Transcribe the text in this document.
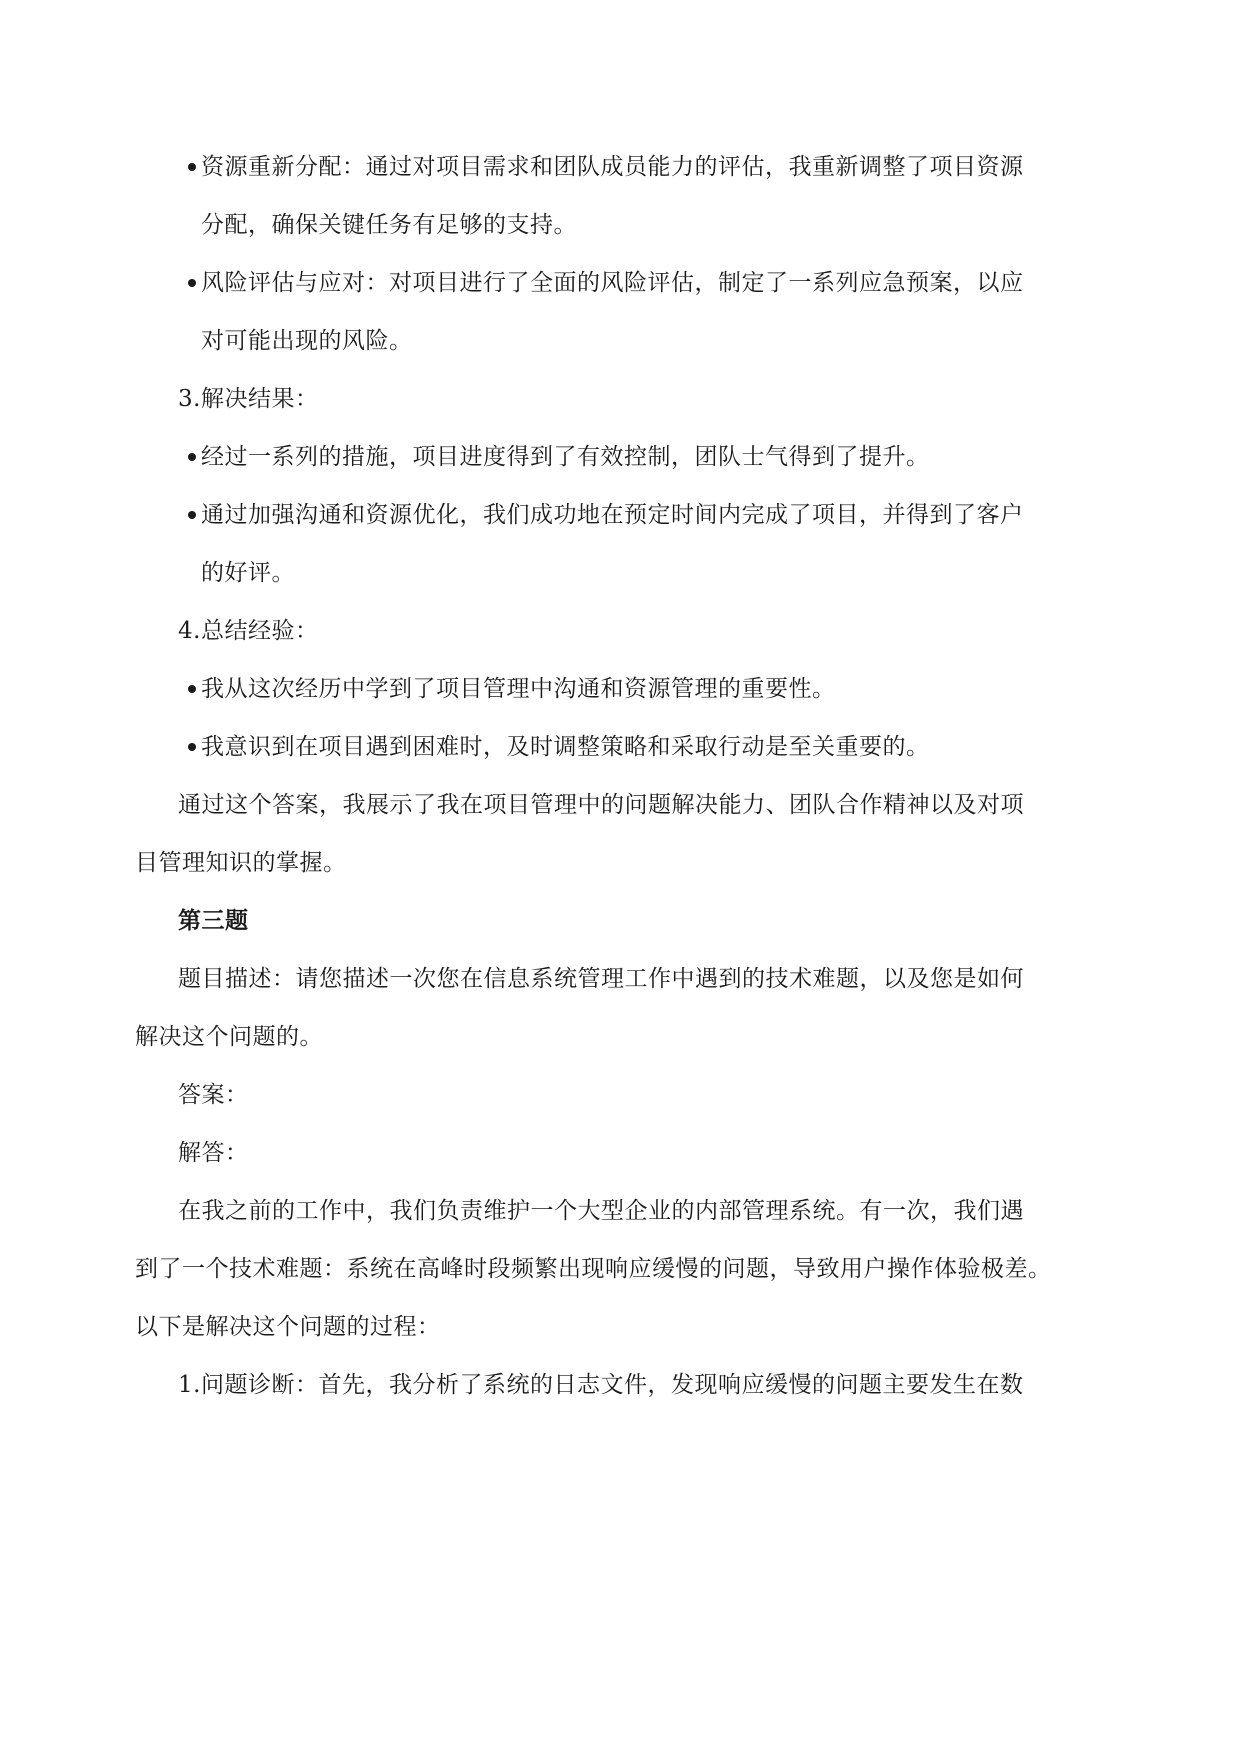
资源重新分配：通过对项目需求和团队成员能力的评估，我重新调整了项目资源
分配，确保关键任务有足够的支持。
风险评估与应对：对项目进行了全面的风险评估，制定了一系列应急预案，以应
对可能出现的风险。
3.解决结果：
经过一系列的措施，项目进度得到了有效控制，团队士气得到了提升。
通过加强沟通和资源优化，我们成功地在预定时间内完成了项目，并得到了客户
的好评。
4.总结经验：
我从这次经历中学到了项目管理中沟通和资源管理的重要性。
我意识到在项目遇到困难时，及时调整策略和采取行动是至关重要的。
通过这个答案，我展示了我在项目管理中的问题解决能力、团队合作精神以及对项
目管理知识的掌握。
第三题
题目描述：请您描述一次您在信息系统管理工作中遇到的技术难题，以及您是如何
解决这个问题的。
答案：
解答：
在我之前的工作中，我们负责维护一个大型企业的内部管理系统。有一次，我们遇
到了一个技术难题：系统在高峰时段频繁出现响应缓慢的问题，导致用户操作体验极差。
以下是解决这个问题的过程：
1.问题诊断：首先，我分析了系统的日志文件，发现响应缓慢的问题主要发生在数
